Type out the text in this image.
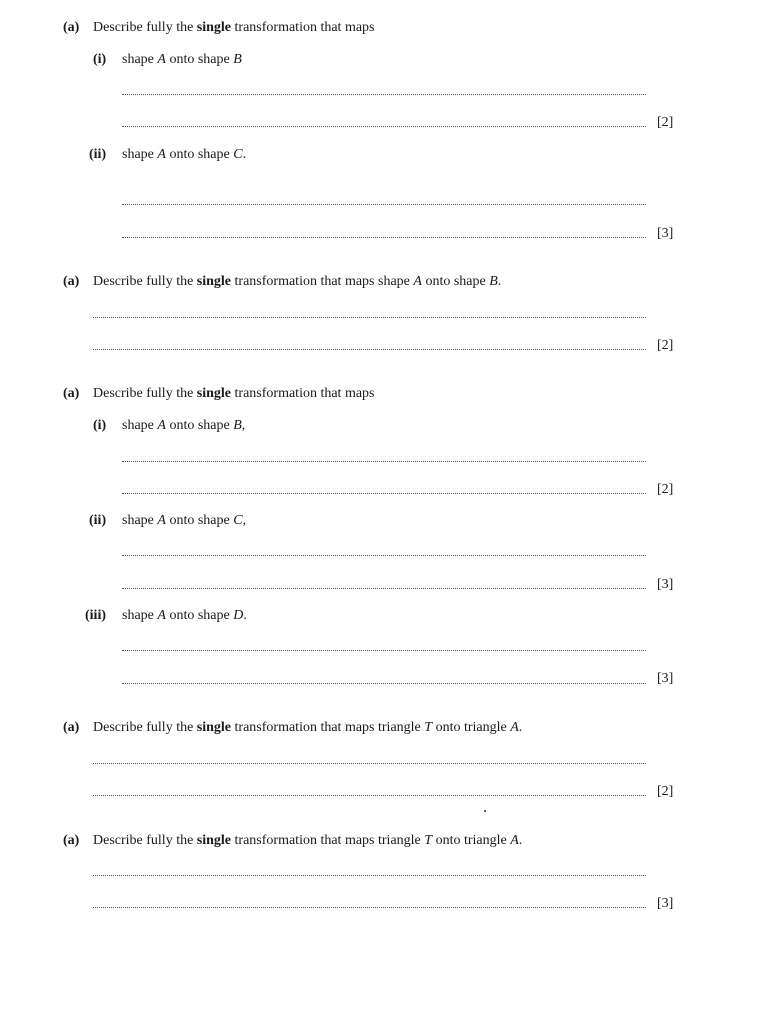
(a) Describe fully the single transformation that maps
(i) shape A onto shape B
[2]
(ii) shape A onto shape C.
[3]
(a) Describe fully the single transformation that maps shape A onto shape B.
[2]
(a) Describe fully the single transformation that maps
(i) shape A onto shape B,
[2]
(ii) shape A onto shape C,
[3]
(iii) shape A onto shape D.
[3]
(a) Describe fully the single transformation that maps triangle T onto triangle A.
[2]
(a) Describe fully the single transformation that maps triangle T onto triangle A.
[3]
